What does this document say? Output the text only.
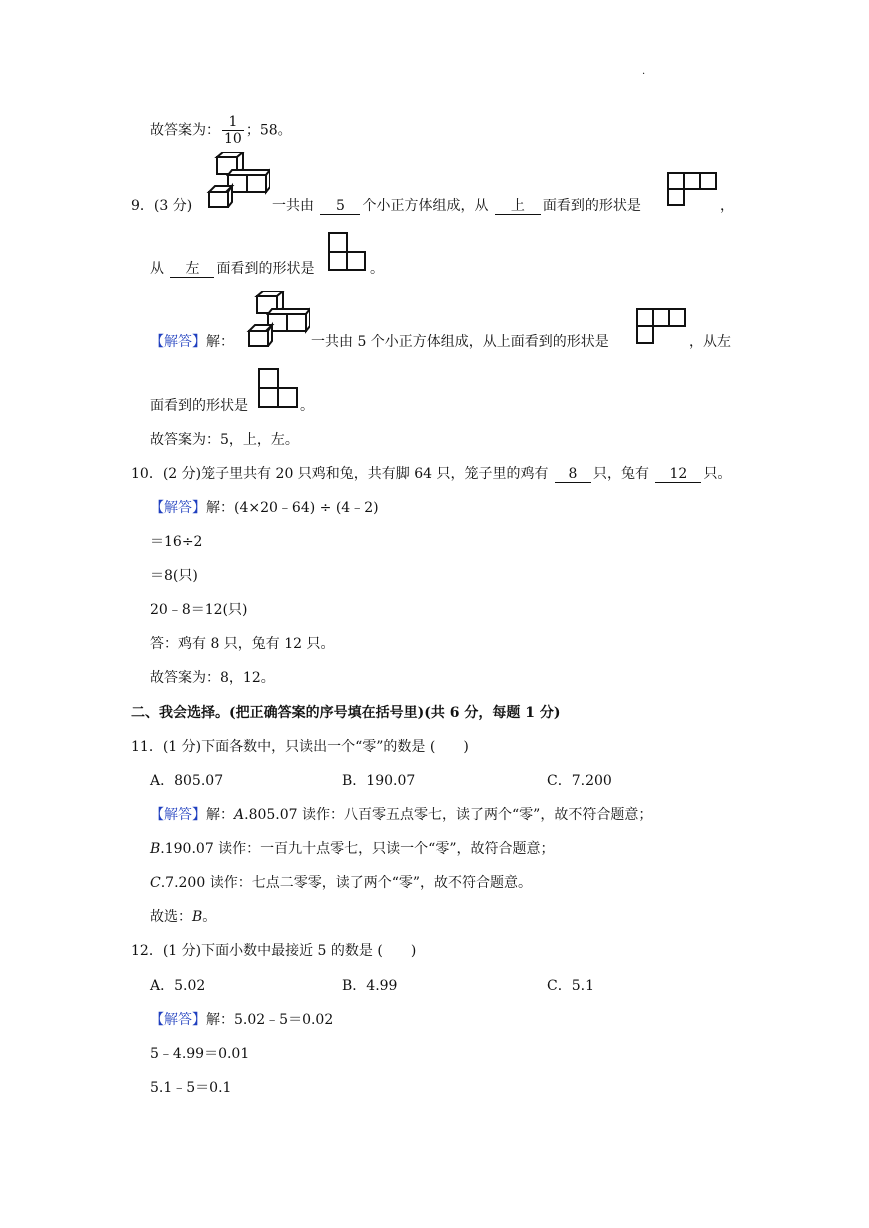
.
故答案为： $\frac{1}{10}$ ；58。
9．(3 分)	一共由 5 个小正方体组成，从 上 面看到的形状是	，
从 左 面看到的形状是	。
【解答】解：	一共由 5 个小正方体组成，从上面看到的形状是	，从左
面看到的形状是	。
故答案为：5，上，左。
10．(2 分)笼子里共有 20 只鸡和兔，共有脚 64 只，笼子里的鸡有 8 只，兔有 12 只。
【解答】解：(4×20﹣64) ÷ (4﹣2)
＝16÷2
＝8(只)
20﹣8＝12(只)
答：鸡有 8 只，兔有 12 只。
故答案为：8，12。
二、我会选择。(把正确答案的序号填在括号里)(共 6 分，每题 1 分)
11．(1 分)下面各数中，只读出一个“零”的数是 (　　)
A．805.07	B．190.07	C．7.200
【解答】解：A.805.07 读作：八百零五点零七，读了两个“零”，故不符合题意；
B.190.07 读作：一百九十点零七，只读一个“零”，故符合题意；
C.7.200 读作：七点二零零，读了两个“零”，故不符合题意。
故选：B。
12．(1 分)下面小数中最接近 5 的数是 (　　)
A．5.02	B．4.99	C．5.1
【解答】解：5.02﹣5＝0.02
5﹣4.99＝0.01
5.1﹣5＝0.1
